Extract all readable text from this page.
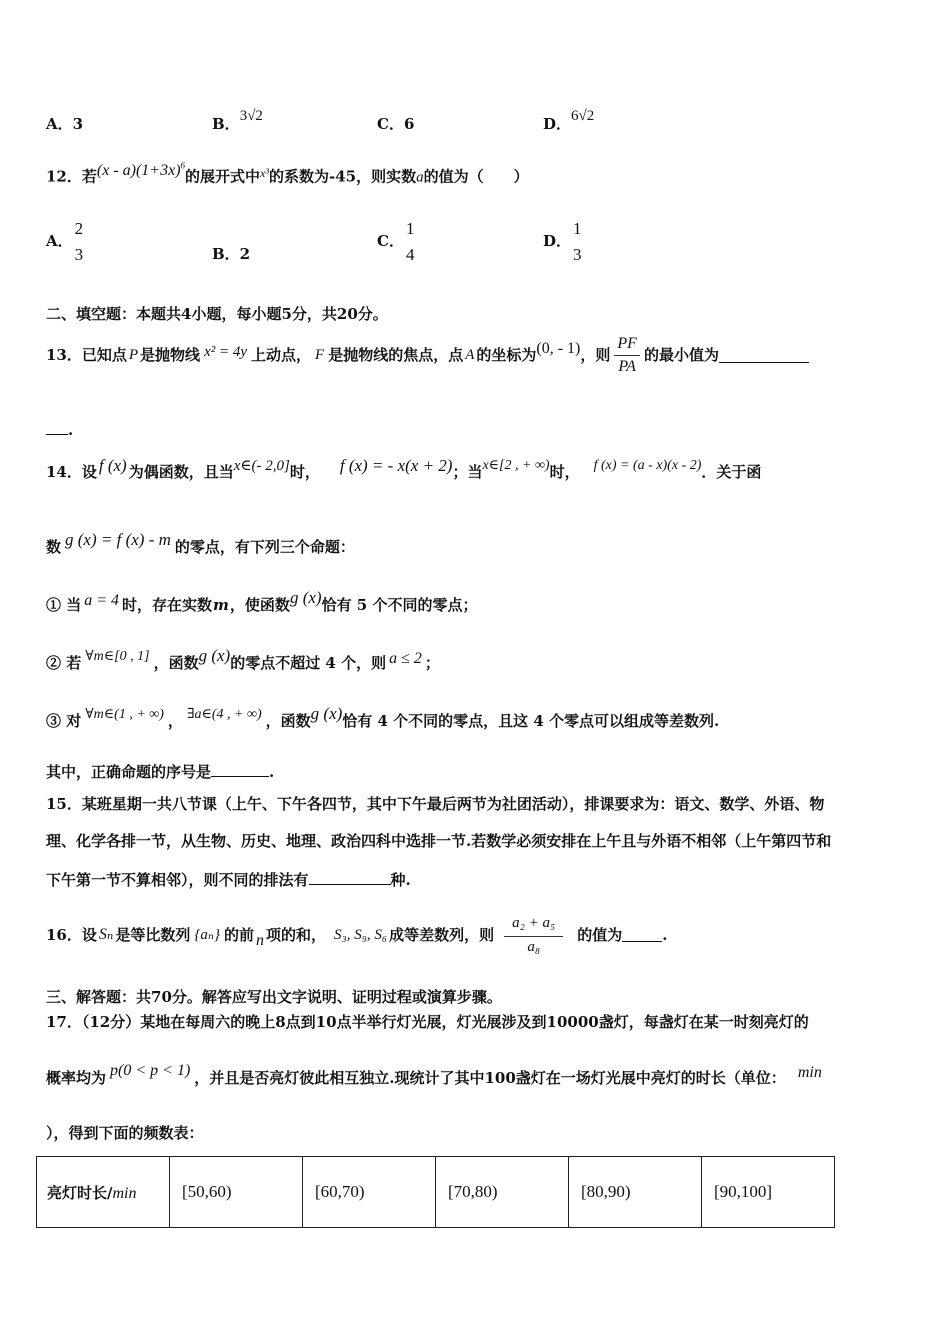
A．3	B．3√2	C．6	D．6√2
12．若$(x - a)(1+3x)^6$的展开式中$^{x^3}$的系数为-45，则实数a的值为（　　）
A．
2
3	B．2
C．
1
4
D．
1
3
二、填空题：本题共4小题，每小题5分，共20分。
13．已知点 P 是抛物线 x² = 4y 上动点， F 是抛物线的焦点，点 A 的坐标为 (0, - 1) ，则 $\frac{PF}{PA}$ 的最小值为
.
14．设 f (x) 为偶函数，且当 x∈(- 2,0] 时， f (x) = - x(x + 2) ；当 x∈[2 , + ∞) 时， f (x) = (a - x)(x - 2) ．关于函
数 g (x) = f (x) - m 的零点，有下列三个命题：
① 当 a = 4 时，存在实数 m ，使函数 g (x) 恰有 5 个不同的零点；
② 若 ∀m∈[0 , 1] ，函数 g (x) 的零点不超过 4 个，则 a ≤ 2 ；
③ 对 ∀m∈(1 , + ∞) ， ∃a∈(4 , + ∞) ，函数 g (x) 恰有 4 个不同的零点，且这 4 个零点可以组成等差数列.
其中，正确命题的序号是	.
15．某班星期一共八节课（上午、下午各四节，其中下午最后两节为社团活动），排课要求为：语文、数学、外语、物
理、化学各排一节，从生物、历史、地理、政治四科中选排一节.若数学必须安排在上午且与外语不相邻（上午第四节和
下午第一节不算相邻），则不同的排法有	种.
16．设 Sₙ 是等比数列 {aₙ} 的前 n 项的和， S₃, S₉, S₆ 成等差数列，则 $\frac{\text{a₂ + a₅}}{\text{a₈}}$ 的值为	.
三、解答题：共70分。解答应写出文字说明、证明过程或演算步骤。
17．（12分）某地在每周六的晚上8点到10点半举行灯光展，灯光展涉及到10000盏灯，每盏灯在某一时刻亮灯的
概率均为 p(0 < p < 1) ，并且是否亮灯彼此相互独立.现统计了其中100盏灯在一场灯光展中亮灯的时长（单位： min
），得到下面的频数表：
亮灯时长/min	[50,60)	[60,70)	[70,80)	[80,90)	[90,100]
